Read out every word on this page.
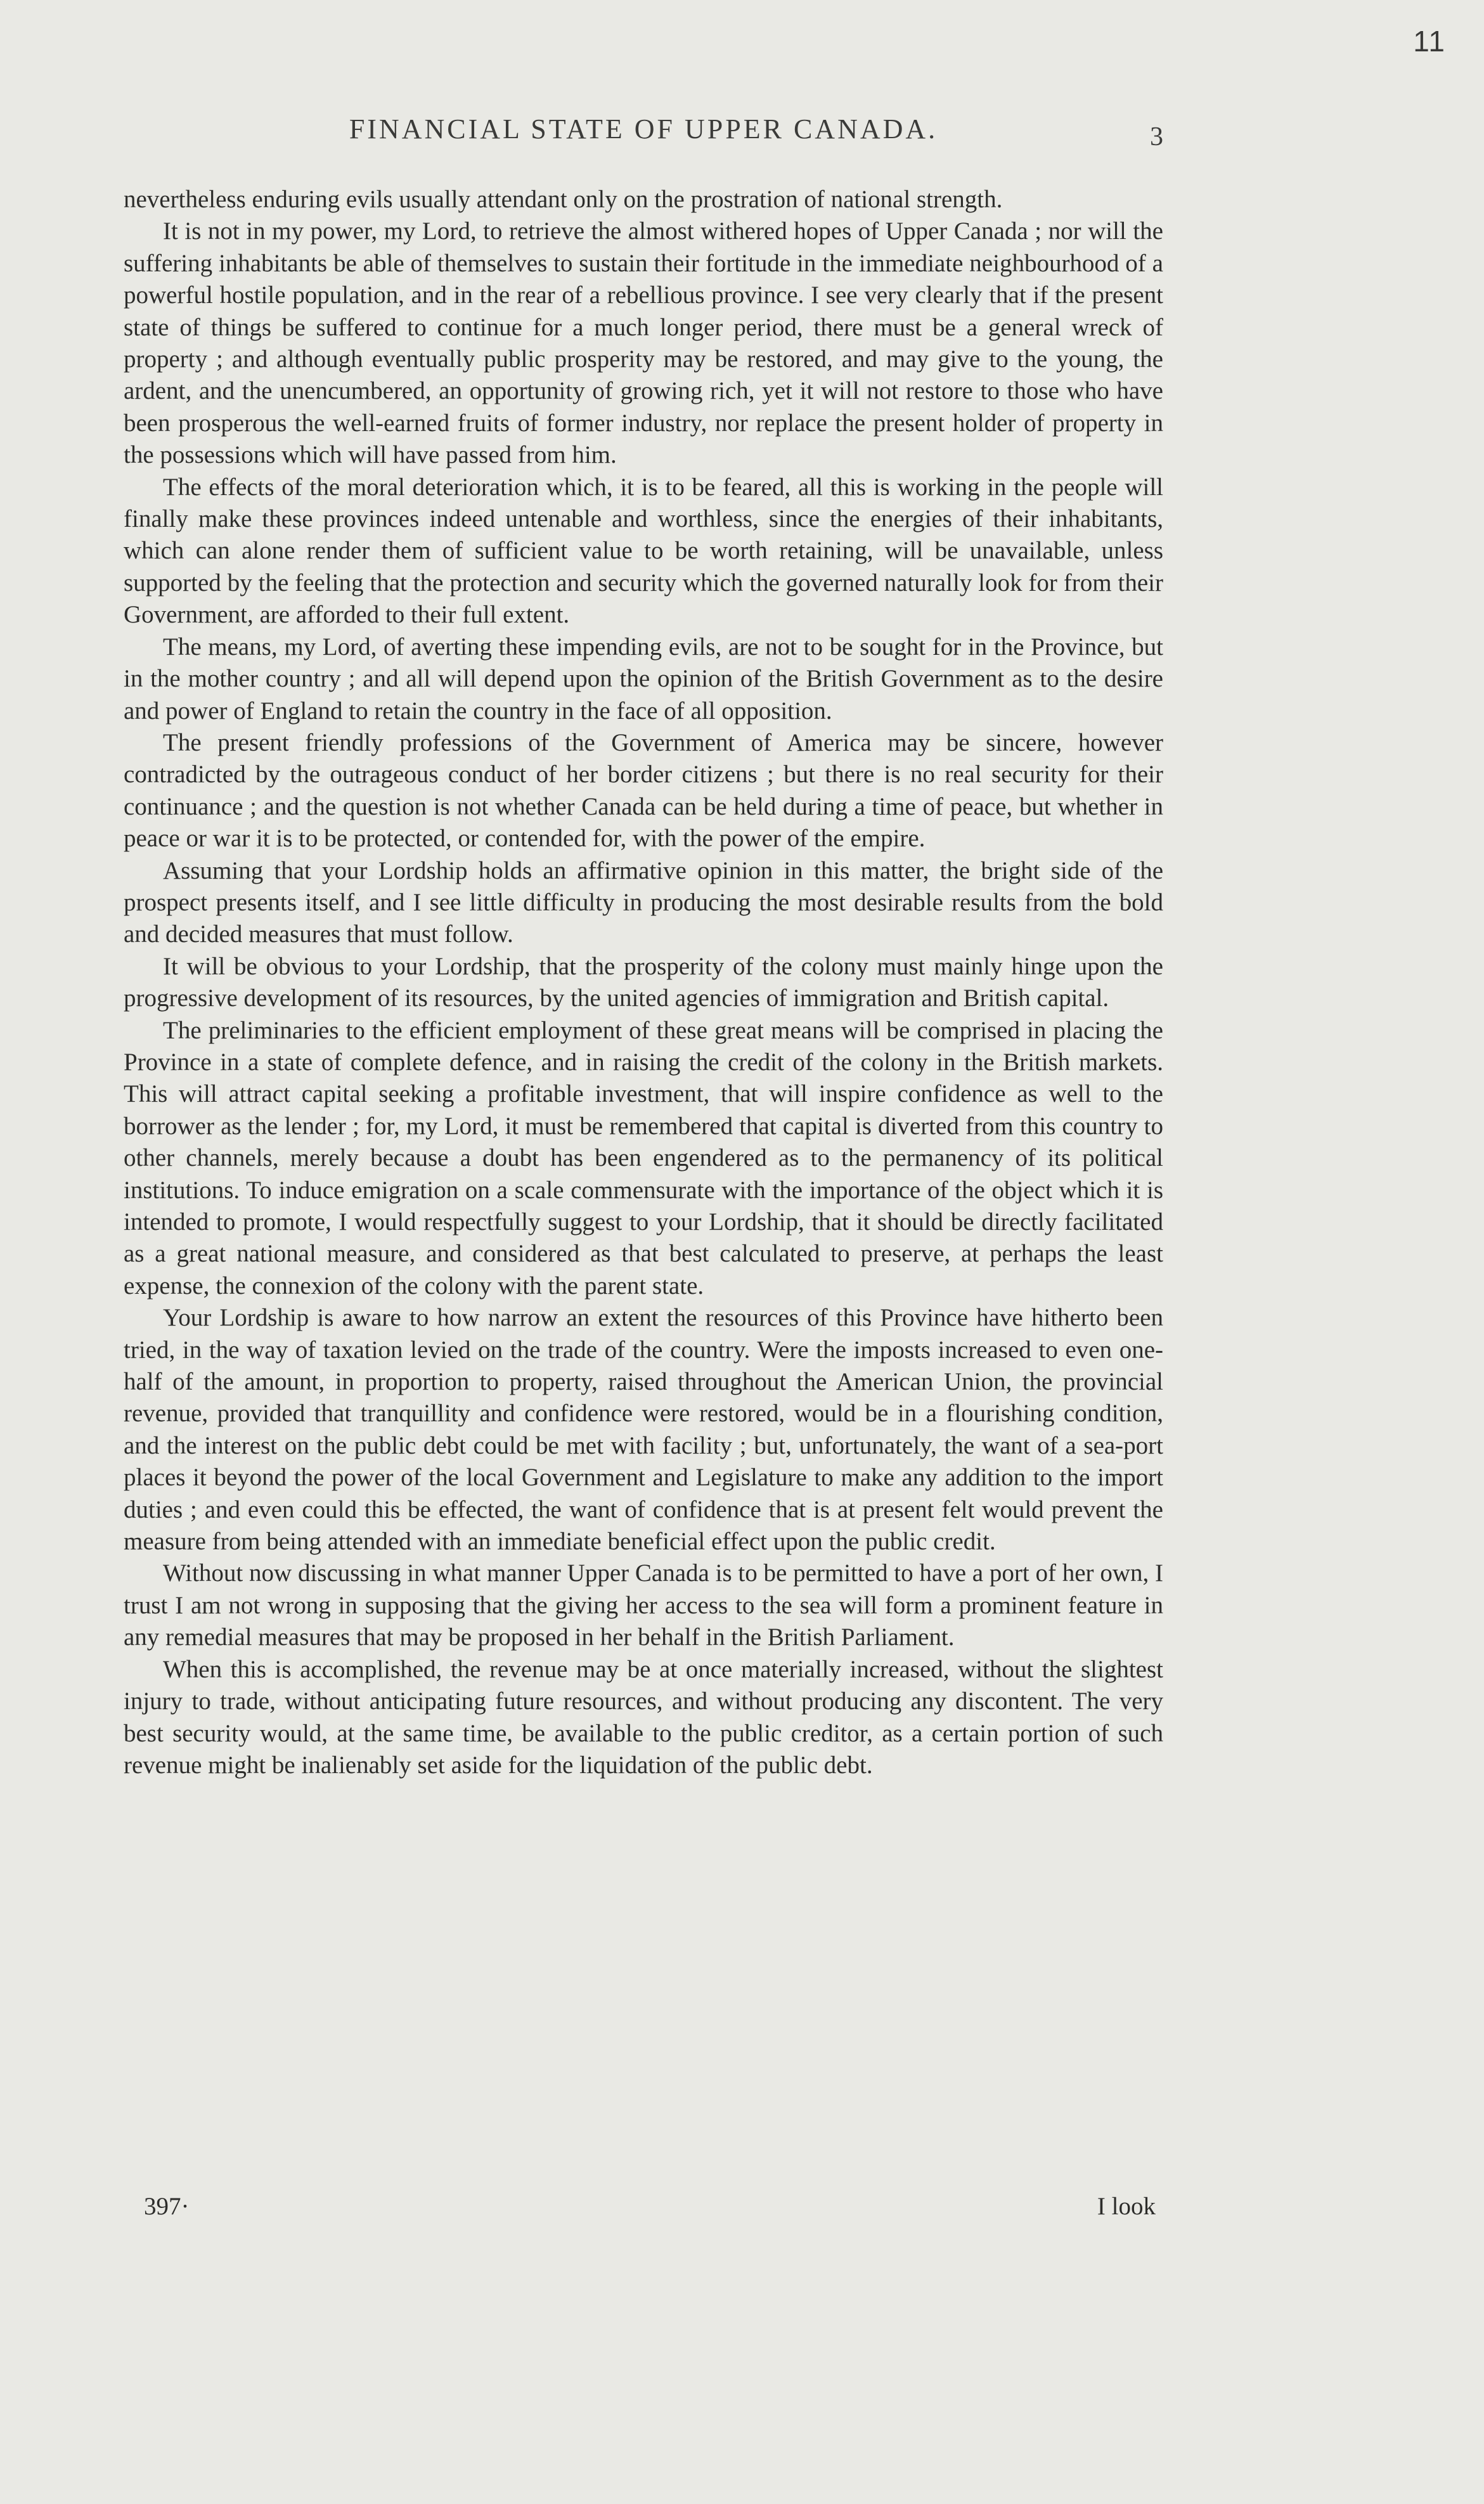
11
FINANCIAL STATE OF UPPER CANADA.	3

nevertheless enduring evils usually attendant only on the prostration of national strength.

It is not in my power, my Lord, to retrieve the almost withered hopes of Upper Canada ; nor will the suffering inhabitants be able of themselves to sustain their fortitude in the immediate neighbourhood of a powerful hostile population, and in the rear of a rebellious province. I see very clearly that if the present state of things be suffered to continue for a much longer period, there must be a general wreck of property ; and although eventually public prosperity may be restored, and may give to the young, the ardent, and the unencumbered, an opportunity of growing rich, yet it will not restore to those who have been prosperous the well-earned fruits of former industry, nor replace the present holder of property in the possessions which will have passed from him.

The effects of the moral deterioration which, it is to be feared, all this is working in the people will finally make these provinces indeed untenable and worthless, since the energies of their inhabitants, which can alone render them of sufficient value to be worth retaining, will be unavailable, unless supported by the feeling that the protection and security which the governed naturally look for from their Government, are afforded to their full extent.

The means, my Lord, of averting these impending evils, are not to be sought for in the Province, but in the mother country ; and all will depend upon the opinion of the British Government as to the desire and power of England to retain the country in the face of all opposition.

The present friendly professions of the Government of America may be sincere, however contradicted by the outrageous conduct of her border citizens ; but there is no real security for their continuance ; and the question is not whether Canada can be held during a time of peace, but whether in peace or war it is to be protected, or contended for, with the power of the empire.

Assuming that your Lordship holds an affirmative opinion in this matter, the bright side of the prospect presents itself, and I see little difficulty in producing the most desirable results from the bold and decided measures that must follow.

It will be obvious to your Lordship, that the prosperity of the colony must mainly hinge upon the progressive development of its resources, by the united agencies of immigration and British capital.

The preliminaries to the efficient employment of these great means will be comprised in placing the Province in a state of complete defence, and in raising the credit of the colony in the British markets. This will attract capital seeking a profitable investment, that will inspire confidence as well to the borrower as the lender ; for, my Lord, it must be remembered that capital is diverted from this country to other channels, merely because a doubt has been engendered as to the permanency of its political institutions. To induce emigration on a scale commensurate with the importance of the object which it is intended to promote, I would respectfully suggest to your Lordship, that it should be directly facilitated as a great national measure, and considered as that best calculated to preserve, at perhaps the least expense, the connexion of the colony with the parent state.

Your Lordship is aware to how narrow an extent the resources of this Province have hitherto been tried, in the way of taxation levied on the trade of the country. Were the imposts increased to even one-half of the amount, in proportion to property, raised throughout the American Union, the provincial revenue, provided that tranquillity and confidence were restored, would be in a flourishing condition, and the interest on the public debt could be met with facility ; but, unfortunately, the want of a sea-port places it beyond the power of the local Government and Legislature to make any addition to the import duties ; and even could this be effected, the want of confidence that is at present felt would prevent the measure from being attended with an immediate beneficial effect upon the public credit.

Without now discussing in what manner Upper Canada is to be permitted to have a port of her own, I trust I am not wrong in supposing that the giving her access to the sea will form a prominent feature in any remedial measures that may be proposed in her behalf in the British Parliament.

When this is accomplished, the revenue may be at once materially increased, without the slightest injury to trade, without anticipating future resources, and without producing any discontent. The very best security would, at the same time, be available to the public creditor, as a certain portion of such revenue might be inalienably set aside for the liquidation of the public debt.

397·	I look
